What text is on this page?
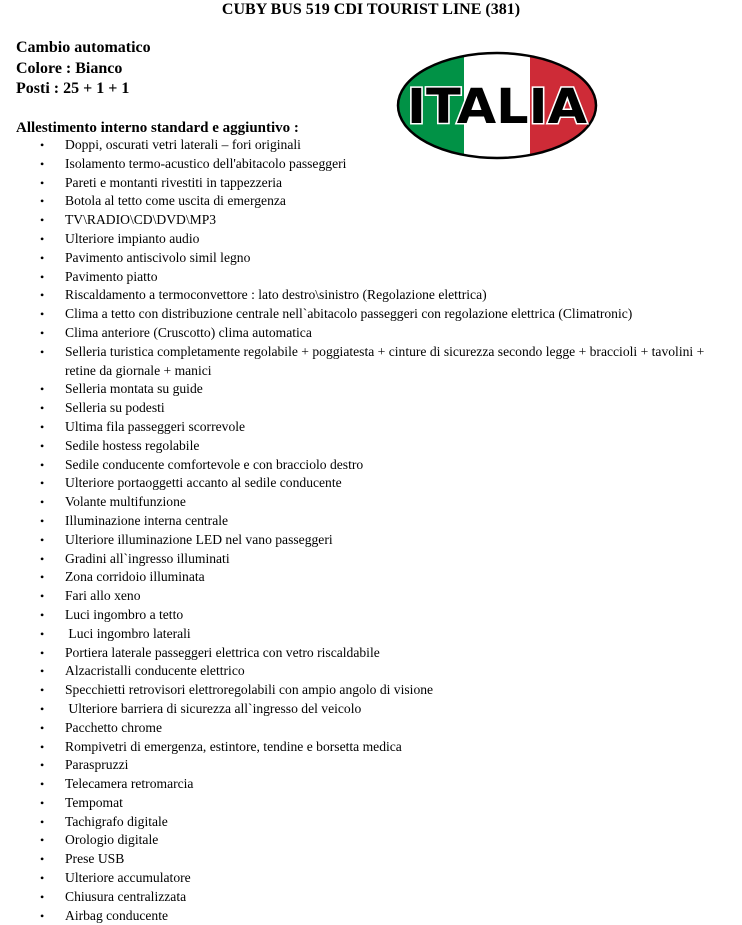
CUBY BUS 519 CDI TOURIST LINE (381)
Cambio automatico
Colore : Bianco
Posti : 25 + 1 + 1	ITALIA
Allestimento interno standard e aggiuntivo :
• Doppi, oscurati vetri laterali – fori originali
• Isolamento termo-acustico dell'abitacolo passeggeri
• Pareti e montanti rivestiti in tappezzeria
• Botola al tetto come uscita di emergenza
• TV\RADIO\CD\DVD\MP3
• Ulteriore impianto audio
• Pavimento antiscivolo simil legno
• Pavimento piatto
• Riscaldamento a termoconvettore : lato destro\sinistro (Regolazione elettrica)
• Clima a tetto con distribuzione centrale nell`abitacolo passeggeri con regolazione elettrica (Climatronic)
• Clima anteriore (Cruscotto) clima automatica
• Selleria turistica completamente regolabile + poggiatesta + cinture di sicurezza secondo legge + braccioli + tavolini + retine da giornale + manici
• Selleria montata su guide
• Selleria su podesti
• Ultima fila passeggeri scorrevole
• Sedile hostess regolabile
• Sedile conducente comfortevole e con bracciolo destro
• Ulteriore portaoggetti accanto al sedile conducente
• Volante multifunzione
• Illuminazione interna centrale
• Ulteriore illuminazione LED nel vano passeggeri
• Gradini all`ingresso illuminati
• Zona corridoio illuminata
• Fari allo xeno
• Luci ingombro a tetto
• Luci ingombro laterali
• Portiera laterale passeggeri elettrica con vetro riscaldabile
• Alzacristalli conducente elettrico
• Specchietti retrovisori elettroregolabili con ampio angolo di visione
• Ulteriore barriera di sicurezza all`ingresso del veicolo
• Pacchetto chrome
• Rompivetri di emergenza, estintore, tendine e borsetta medica
• Paraspruzzi
• Telecamera retromarcia
• Tempomat
• Tachigrafo digitale
• Orologio digitale
• Prese USB
• Ulteriore accumulatore
• Chiusura centralizzata
• Airbag conducente
